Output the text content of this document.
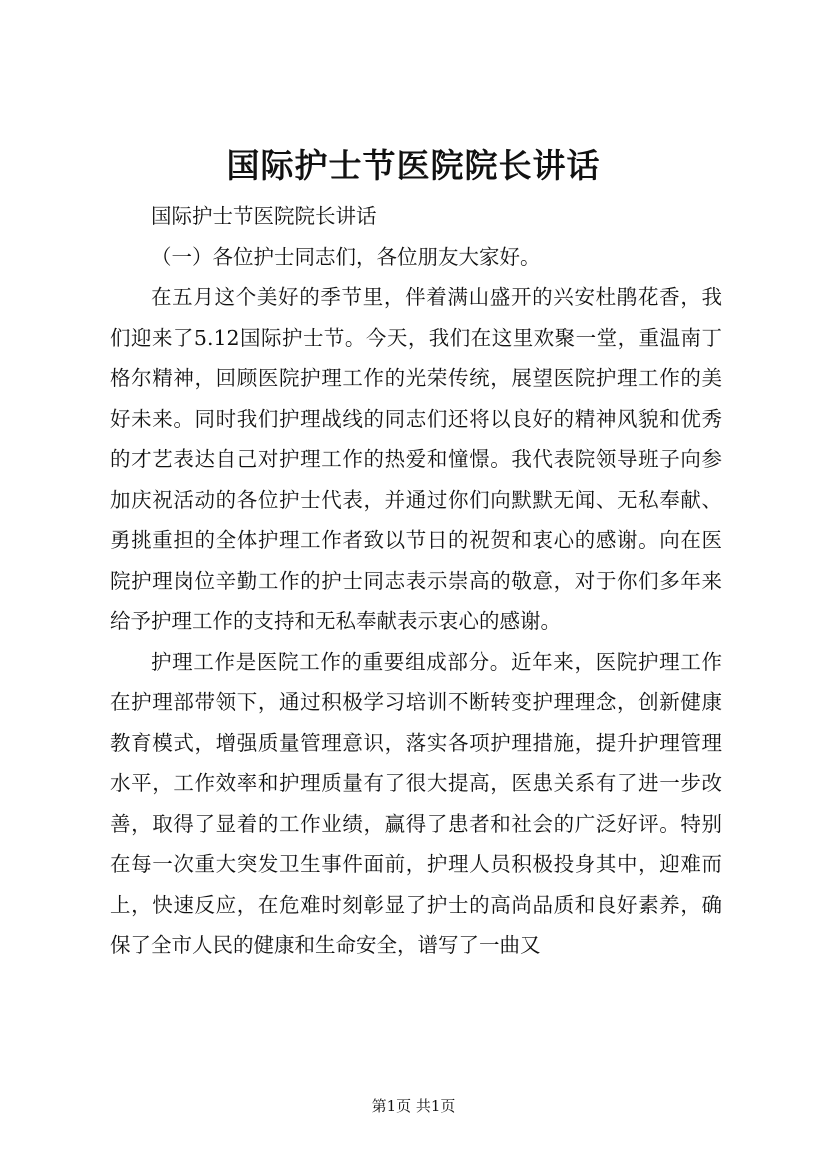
国际护士节医院院长讲话

国际护士节医院院长讲话

（一）各位护士同志们，各位朋友大家好。

在五月这个美好的季节里，伴着满山盛开的兴安杜鹃花香，我们迎来了5.12国际护士节。今天，我们在这里欢聚一堂，重温南丁格尔精神，回顾医院护理工作的光荣传统，展望医院护理工作的美好未来。同时我们护理战线的同志们还将以良好的精神风貌和优秀的才艺表达自己对护理工作的热爱和憧憬。我代表院领导班子向参加庆祝活动的各位护士代表，并通过你们向默默无闻、无私奉献、勇挑重担的全体护理工作者致以节日的祝贺和衷心的感谢。向在医院护理岗位辛勤工作的护士同志表示崇高的敬意，对于你们多年来给予护理工作的支持和无私奉献表示衷心的感谢。

护理工作是医院工作的重要组成部分。近年来，医院护理工作在护理部带领下，通过积极学习培训不断转变护理理念，创新健康教育模式，增强质量管理意识，落实各项护理措施，提升护理管理水平，工作效率和护理质量有了很大提高，医患关系有了进一步改善，取得了显着的工作业绩，赢得了患者和社会的广泛好评。特别在每一次重大突发卫生事件面前，护理人员积极投身其中，迎难而上，快速反应，在危难时刻彰显了护士的高尚品质和良好素养，确保了全市人民的健康和生命安全，谱写了一曲又

第1页 共1页
